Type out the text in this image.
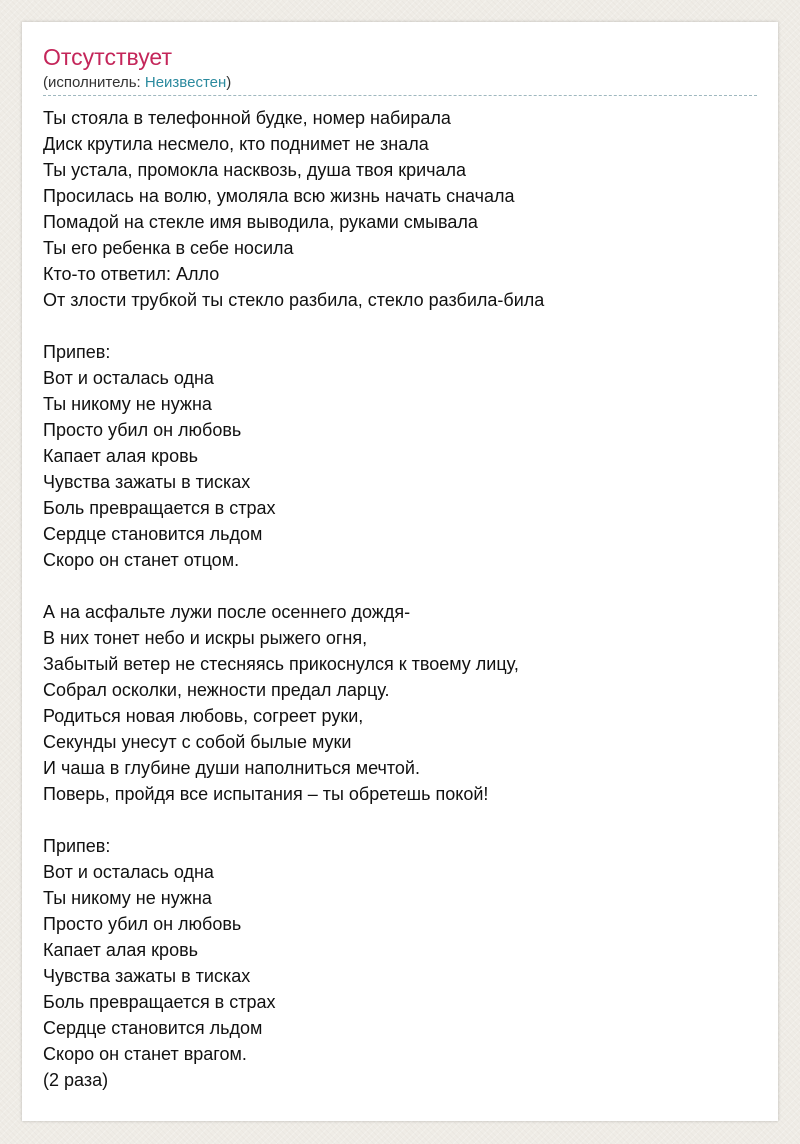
Отсутствует
(исполнитель: Неизвестен)
Ты стояла в телефонной будке, номер набирала
Диск крутила несмело, кто поднимет не знала
Ты устала, промокла насквозь, душа твоя кричала
Просилась на волю, умоляла всю жизнь начать сначала
Помадой на стекле имя выводила, руками смывала
Ты его ребенка в себе носила
Кто-то ответил: Алло
От злости трубкой ты стекло разбила, стекло разбила-била
Припев:
Вот и осталась одна
Ты никому не нужна
Просто убил он любовь
Капает алая кровь
Чувства зажаты в тисках
Боль превращается в страх
Сердце становится льдом
Скоро он станет отцом.
А на асфальте лужи после осеннего дождя-
В них тонет небо и искры рыжего огня,
Забытый ветер не стесняясь прикоснулся к твоему лицу,
Собрал осколки, нежности предал ларцу.
Родиться новая любовь, согреет руки,
Секунды унесут с собой былые муки
И чаша в глубине души наполниться мечтой.
Поверь, пройдя все испытания – ты обретешь покой!
Припев:
Вот и осталась одна
Ты никому не нужна
Просто убил он любовь
Капает алая кровь
Чувства зажаты в тисках
Боль превращается в страх
Сердце становится льдом
Скоро он станет врагом.
(2 раза)
